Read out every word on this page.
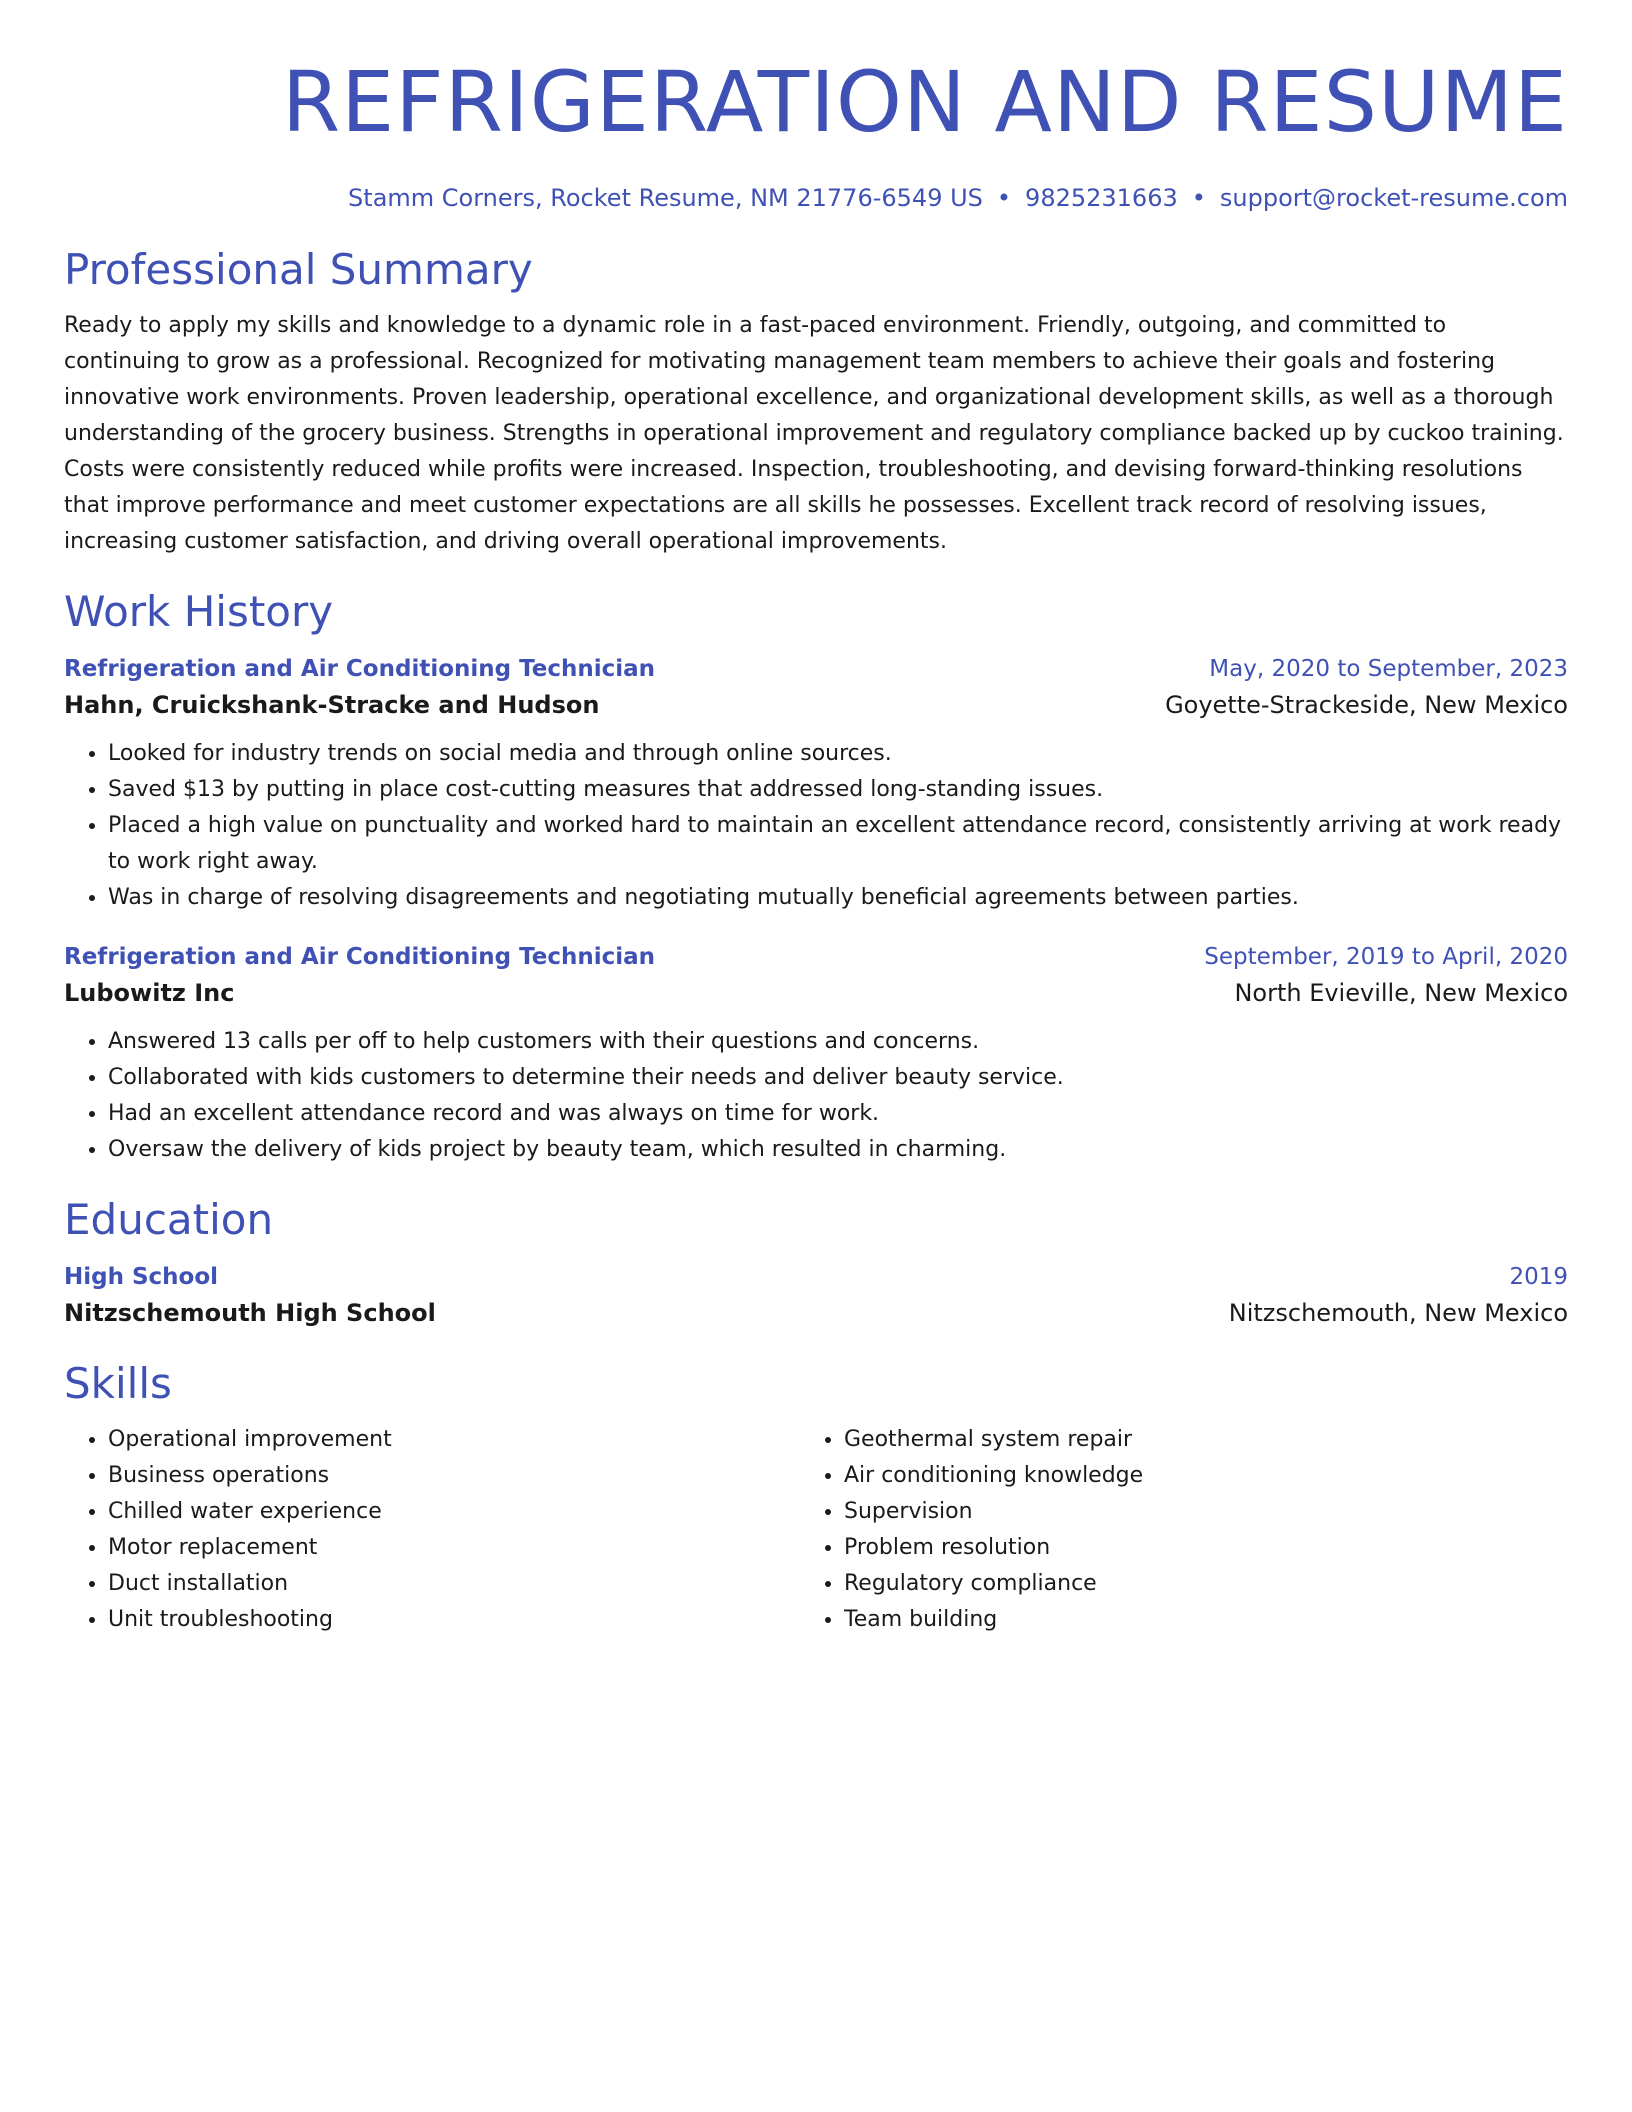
REFRIGERATION AND RESUME
Stamm Corners, Rocket Resume, NM 21776-6549 US • 9825231663 • support@rocket-resume.com
Professional Summary

Ready to apply my skills and knowledge to a dynamic role in a fast-paced environment. Friendly, outgoing, and committed to continuing to grow as a professional. Recognized for motivating management team members to achieve their goals and fostering innovative work environments. Proven leadership, operational excellence, and organizational development skills, as well as a thorough understanding of the grocery business. Strengths in operational improvement and regulatory compliance backed up by cuckoo training. Costs were consistently reduced while profits were increased. Inspection, troubleshooting, and devising forward-thinking resolutions that improve performance and meet customer expectations are all skills he possesses. Excellent track record of resolving issues, increasing customer satisfaction, and driving overall operational improvements.

Work History
Refrigeration and Air Conditioning Technician	May, 2020 to September, 2023
Hahn, Cruickshank-Stracke and Hudson	Goyette-Strackeside, New Mexico
• Looked for industry trends on social media and through online sources.
• Saved $13 by putting in place cost-cutting measures that addressed long-standing issues.
• Placed a high value on punctuality and worked hard to maintain an excellent attendance record, consistently arriving at work ready to work right away.
• Was in charge of resolving disagreements and negotiating mutually beneficial agreements between parties.
Refrigeration and Air Conditioning Technician	September, 2019 to April, 2020
Lubowitz Inc	North Evieville, New Mexico
• Answered 13 calls per off to help customers with their questions and concerns.
• Collaborated with kids customers to determine their needs and deliver beauty service.
• Had an excellent attendance record and was always on time for work.
• Oversaw the delivery of kids project by beauty team, which resulted in charming.
Education
High School	2019
Nitzschemouth High School	Nitzschemouth, New Mexico
Skills
• Operational improvement
• Business operations
• Chilled water experience
• Motor replacement
• Duct installation
• Unit troubleshooting
• Geothermal system repair
• Air conditioning knowledge
• Supervision
• Problem resolution
• Regulatory compliance
• Team building
